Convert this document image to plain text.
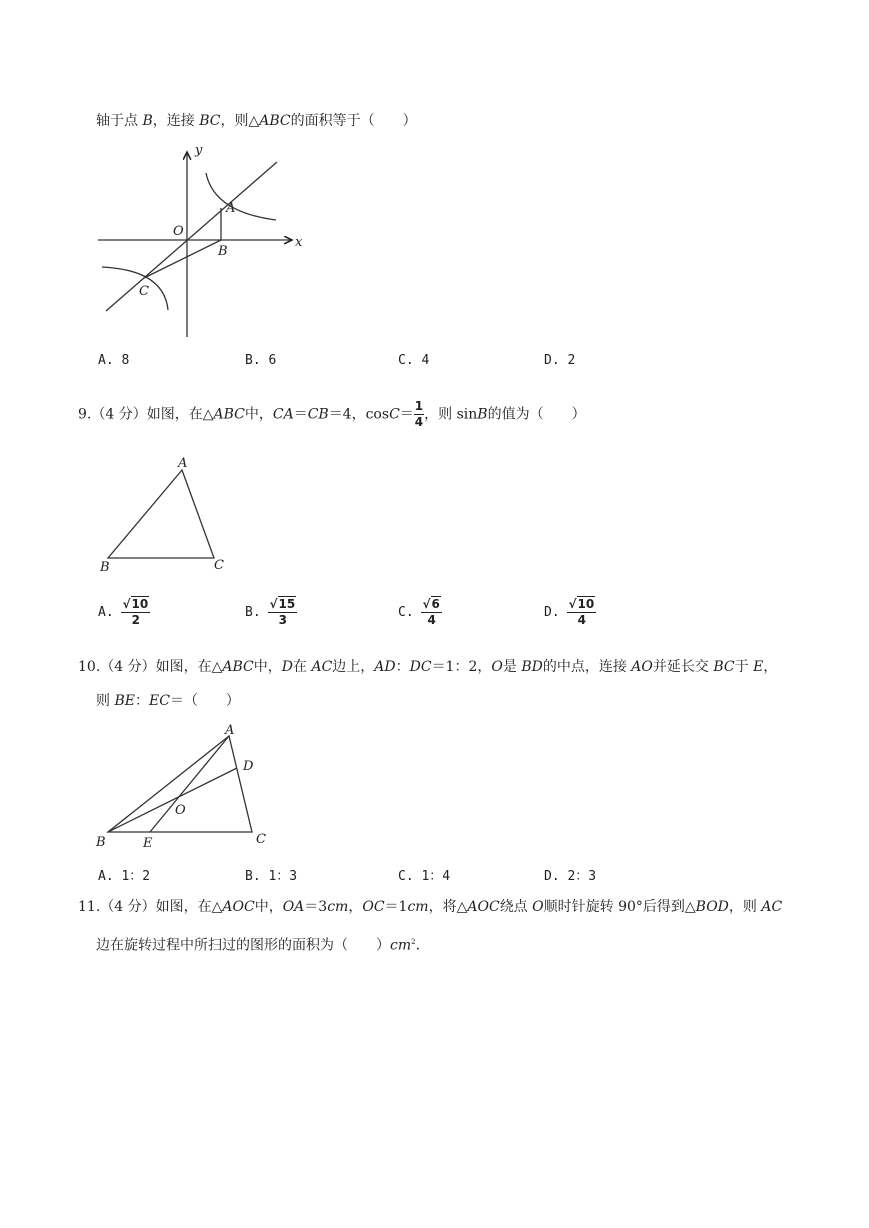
轴于点 B，连接 BC，则△ABC的面积等于（　　）
y
x
O
A
B
C
A. 8	B. 6	C. 4	D. 2
9.（4 分）如图，在△ABC中，CA＝CB＝4，$\cos C= \frac{1}{4}$ ，则 sinB的值为（　　）
A
B	C
A. $\frac{√10}{2}$	B. $\frac{√15}{3}$	C. $\frac{√6}{4}$	D. $\frac{√10}{4}$
10.（4 分）如图，在△ABC中，D在 AC边上，AD：DC＝1：2，O是 BD的中点，连接 AO并延长交 BC于 E，
则 BE：EC＝（　　）
A
D
O
B	E	C
A. 1：2	B. 1：3	C. 1：4	D. 2：3
11.（4 分）如图，在△AOC中，OA＝3cm，OC＝1cm，将△AOC绕点 O顺时针旋转 90°后得到△BOD，则 AC
边在旋转过程中所扫过的图形的面积为（　　）$cm^2$．
